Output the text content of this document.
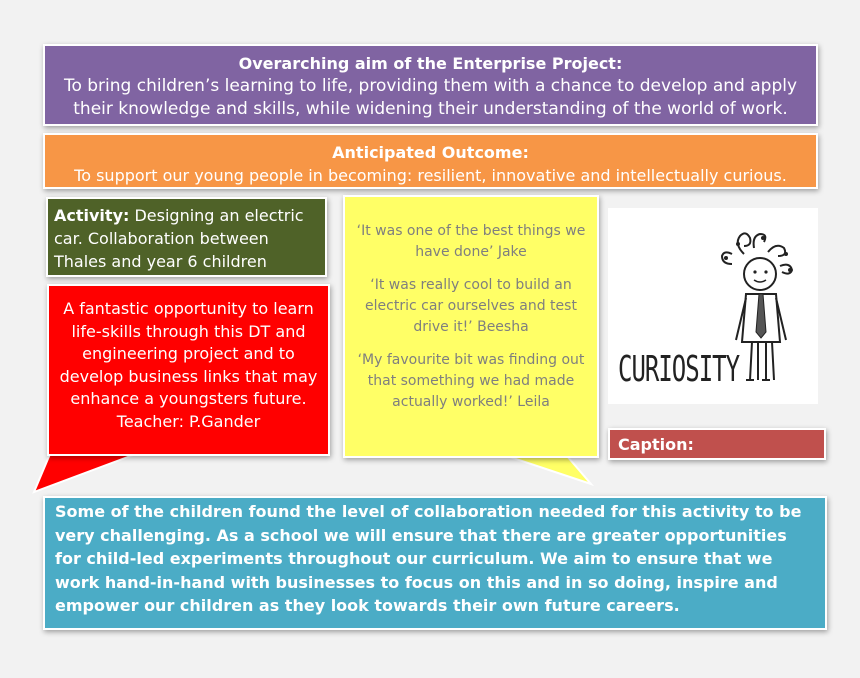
Overarching aim of the Enterprise Project:
To bring children’s learning to life, providing them with a chance to develop and apply their knowledge and skills, while widening their understanding of the world of work.
Anticipated Outcome:
To support our young people in becoming: resilient, innovative and intellectually curious.
Activity: Designing an electric car. Collaboration between Thales and year 6 children
A fantastic opportunity to learn life-skills through this DT and engineering project and to develop business links that may enhance a youngsters future.
Teacher: P.Gander

‘It was one of the best things we have done’ Jake

‘It was really cool to build an electric car ourselves and test drive it!’ Beesha

‘My favourite bit was finding out that something we had made actually worked!’ Leila

CURIOSITY
Caption:
Some of the children found the level of collaboration needed for this activity to be very challenging. As a school we will ensure that there are greater opportunities for child-led experiments throughout our curriculum. We aim to ensure that we work hand-in-hand with businesses to focus on this and in so doing, inspire and empower our children as they look towards their own future careers.
